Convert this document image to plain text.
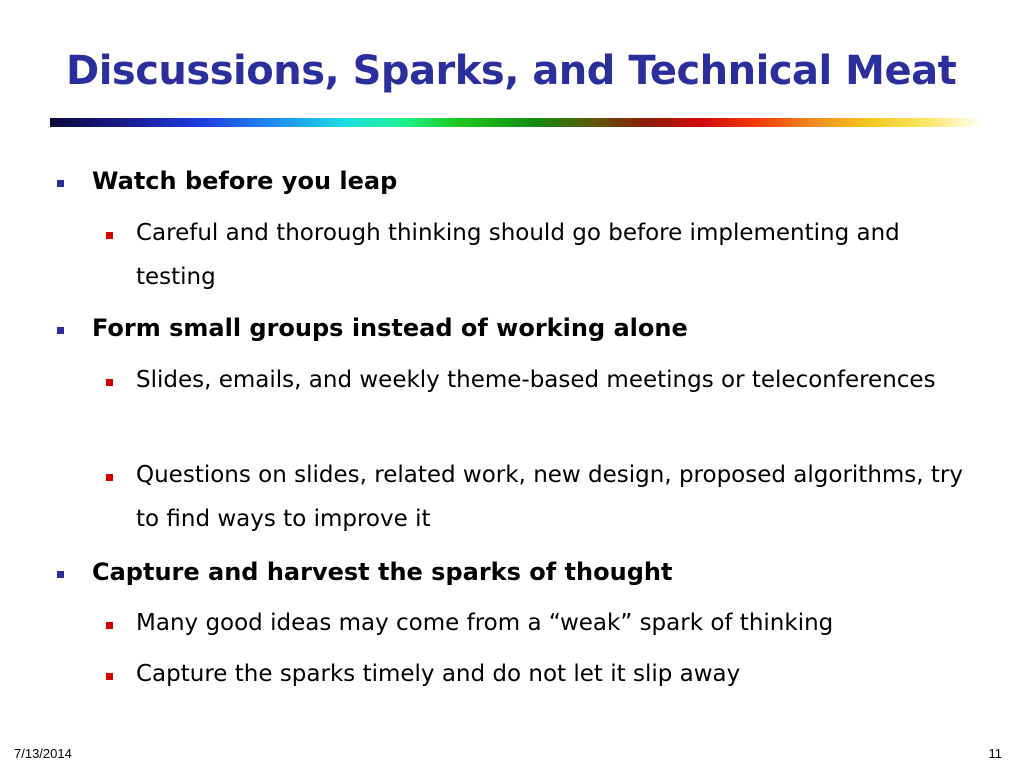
Discussions, Sparks, and Technical Meat
Watch before you leap
Careful and thorough thinking should go before implementing and testing
Form small groups instead of working alone
Slides, emails, and weekly theme-based meetings or teleconferences
Questions on slides, related work, new design, proposed algorithms, try to find ways to improve it
Capture and harvest the sparks of thought
Many good ideas may come from a “weak” spark of thinking
Capture the sparks timely and do not let it slip away
7/13/2014	11
